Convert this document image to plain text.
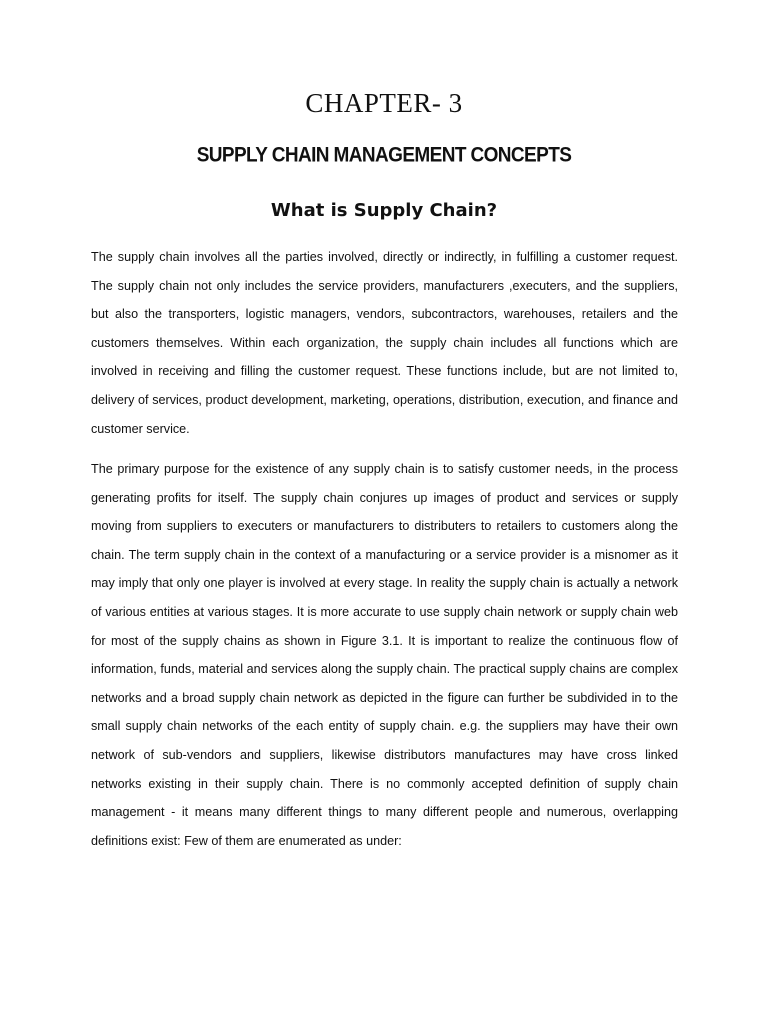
CHAPTER- 3
SUPPLY CHAIN MANAGEMENT CONCEPTS
What is Supply Chain?

The supply chain involves all the parties involved, directly or indirectly, in fulfilling a customer request. The supply chain not only includes the service providers, manufacturers ,executers, and the suppliers, but also the transporters, logistic managers, vendors, subcontractors, warehouses, retailers and the customers themselves. Within each organization, the supply chain includes all functions which are involved in receiving and filling the customer request. These functions include, but are not limited to, delivery of services, product development, marketing, operations, distribution, execution, and finance and customer service.

The primary purpose for the existence of any supply chain is to satisfy customer needs, in the process generating profits for itself. The supply chain conjures up images of product and services or supply moving from suppliers to executers or manufacturers to distributers to retailers to customers along the chain. The term supply chain in the context of a manufacturing or a service provider is a misnomer as it may imply that only one player is involved at every stage. In reality the supply chain is actually a network of various entities at various stages. It is more accurate to use supply chain network or supply chain web for most of the supply chains as shown in Figure 3.1. It is important to realize the continuous flow of information, funds, material and services along the supply chain. The practical supply chains are complex networks and a broad supply chain network as depicted in the figure can further be subdivided in to the small supply chain networks of the each entity of supply chain. e.g. the suppliers may have their own network of sub-vendors and suppliers, likewise distributors manufactures may have cross linked networks existing in their supply chain. There is no commonly accepted definition of supply chain management - it means many different things to many different people and numerous, overlapping definitions exist: Few of them are enumerated as under:
